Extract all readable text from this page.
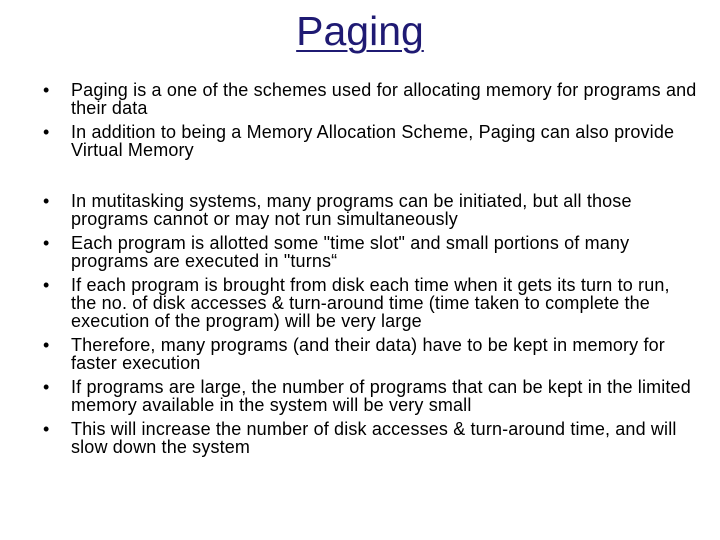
Paging
• Paging is a one of the schemes used for allocating memory for programs and their data
• In addition to being a Memory Allocation Scheme, Paging can also provide Virtual Memory
• In mutitasking systems, many programs can be initiated, but all those programs cannot or may not run simultaneously
• Each program is allotted some "time slot" and small portions of many programs are executed in "turns“
• If each program is brought from disk each time when it gets its turn to run, the no. of disk accesses & turn-around time (time taken to complete the execution of the program) will be very large
• Therefore, many programs (and their data) have to be kept in memory for faster execution
• If programs are large, the number of programs that can be kept in the limited memory available in the system will be very small
• This will increase the number of disk accesses & turn-around time, and will slow down the system
